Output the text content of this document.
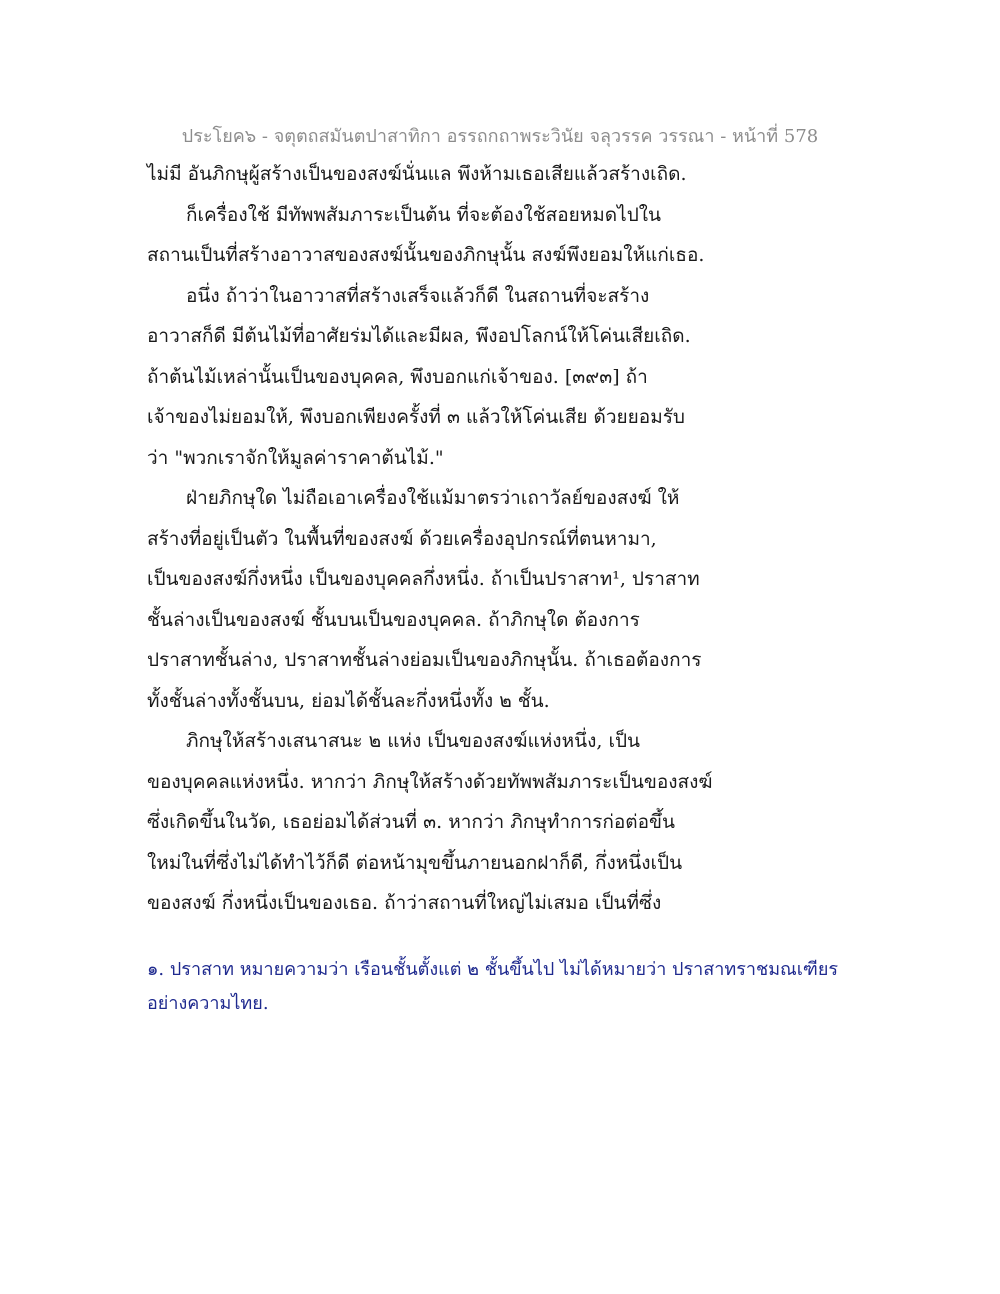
ประโยค๖ - จตุตถสมันตปาสาทิกา อรรถกถาพระวินัย จลุวรรค วรรณา - หน้าที่ 578
ไม่มี อันภิกษุผู้สร้างเป็นของสงฆ์นั่นแล พึงห้ามเธอเสียแล้วสร้างเถิด.
ก็เครื่องใช้ มีทัพพสัมภาระเป็นต้น ที่จะต้องใช้สอยหมดไปใน
สถานเป็นที่สร้างอาวาสของสงฆ์นั้นของภิกษุนั้น สงฆ์พึงยอมให้แก่เธอ.
อนึ่ง ถ้าว่าในอาวาสที่สร้างเสร็จแล้วก็ดี ในสถานที่จะสร้าง
อาวาสก็ดี มีต้นไม้ที่อาศัยร่มได้และมีผล, พึงอปโลกน์ให้โค่นเสียเถิด.
ถ้าต้นไม้เหล่านั้นเป็นของบุคคล, พึงบอกแก่เจ้าของ. [๓๙๓] ถ้า
เจ้าของไม่ยอมให้, พึงบอกเพียงครั้งที่ ๓ แล้วให้โค่นเสีย ด้วยยอมรับ
ว่า "พวกเราจักให้มูลค่าราคาต้นไม้."
ฝ่ายภิกษุใด ไม่ถือเอาเครื่องใช้แม้มาตรว่าเถาวัลย์ของสงฆ์ ให้
สร้างที่อยู่เป็นตัว ในพื้นที่ของสงฆ์ ด้วยเครื่องอุปกรณ์ที่ตนหามา,
เป็นของสงฆ์กึ่งหนึ่ง เป็นของบุคคลกึ่งหนึ่ง. ถ้าเป็นปราสาท¹, ปราสาท
ชั้นล่างเป็นของสงฆ์ ชั้นบนเป็นของบุคคล. ถ้าภิกษุใด ต้องการ
ปราสาทชั้นล่าง, ปราสาทชั้นล่างย่อมเป็นของภิกษุนั้น. ถ้าเธอต้องการ
ทั้งชั้นล่างทั้งชั้นบน, ย่อมได้ชั้นละกึ่งหนึ่งทั้ง ๒ ชั้น.
ภิกษุให้สร้างเสนาสนะ ๒ แห่ง เป็นของสงฆ์แห่งหนึ่ง, เป็น
ของบุคคลแห่งหนึ่ง. หากว่า ภิกษุให้สร้างด้วยทัพพสัมภาระเป็นของสงฆ์
ซึ่งเกิดขึ้นในวัด, เธอย่อมได้ส่วนที่ ๓. หากว่า ภิกษุทำการก่อต่อขึ้น
ใหม่ในที่ซึ่งไม่ได้ทำไว้ก็ดี ต่อหน้ามุขขึ้นภายนอกฝาก็ดี, กึ่งหนึ่งเป็น
ของสงฆ์ กึ่งหนึ่งเป็นของเธอ. ถ้าว่าสถานที่ใหญ่ไม่เสมอ เป็นที่ซึ่ง
๑. ปราสาท หมายความว่า เรือนชั้นตั้งแต่ ๒ ชั้นขึ้นไป ไม่ได้หมายว่า ปราสาทราชมณเฑียร
อย่างความไทย.
